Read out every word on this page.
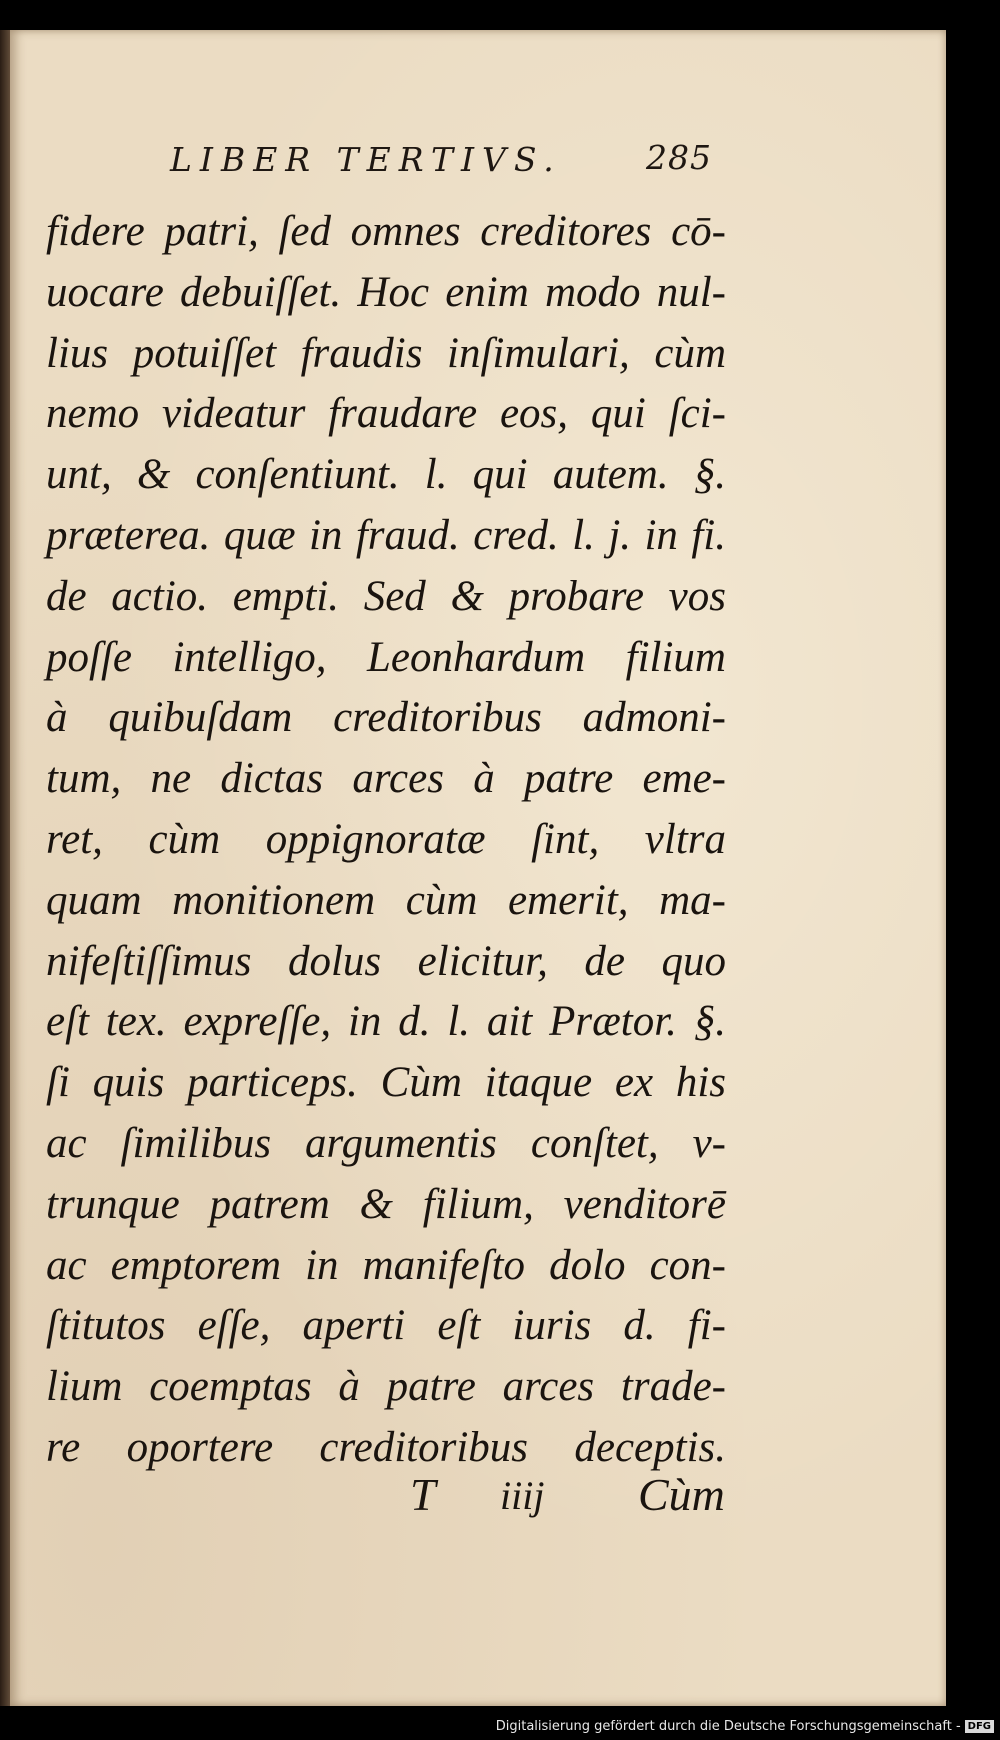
LIBER TERTIVS.	285
fidere patri, ſed omnes creditores cō-
uocare debuiſſet. Hoc enim modo nul-
lius potuiſſet fraudis inſimulari, cùm
nemo videatur fraudare eos, qui ſci-
unt, & conſentiunt. l. qui autem. §.
præterea. quæ in fraud. cred. l. j. in fi.
de actio. empti. Sed & probare vos
poſſe intelligo, Leonhardum filium
à quibuſdam creditoribus admoni-
tum, ne dictas arces à patre eme-
ret, cùm oppignoratæ ſint, vltra
quam monitionem cùm emerit, ma-
nifeſtiſſimus dolus elicitur, de quo
eſt tex. expreſſe, in d. l. ait Prætor. §.
ſi quis particeps. Cùm itaque ex his
ac ſimilibus argumentis conſtet, v-
trunque patrem & filium, venditorē
ac emptorem in manifeſto dolo con-
ſtitutos eſſe, aperti eſt iuris d. fi-
lium coemptas à patre arces trade-
re oportere creditoribus deceptis.
T iiij Cùm
Digitalisierung gefördert durch die Deutsche Forschungsgemeinschaft - DFG
